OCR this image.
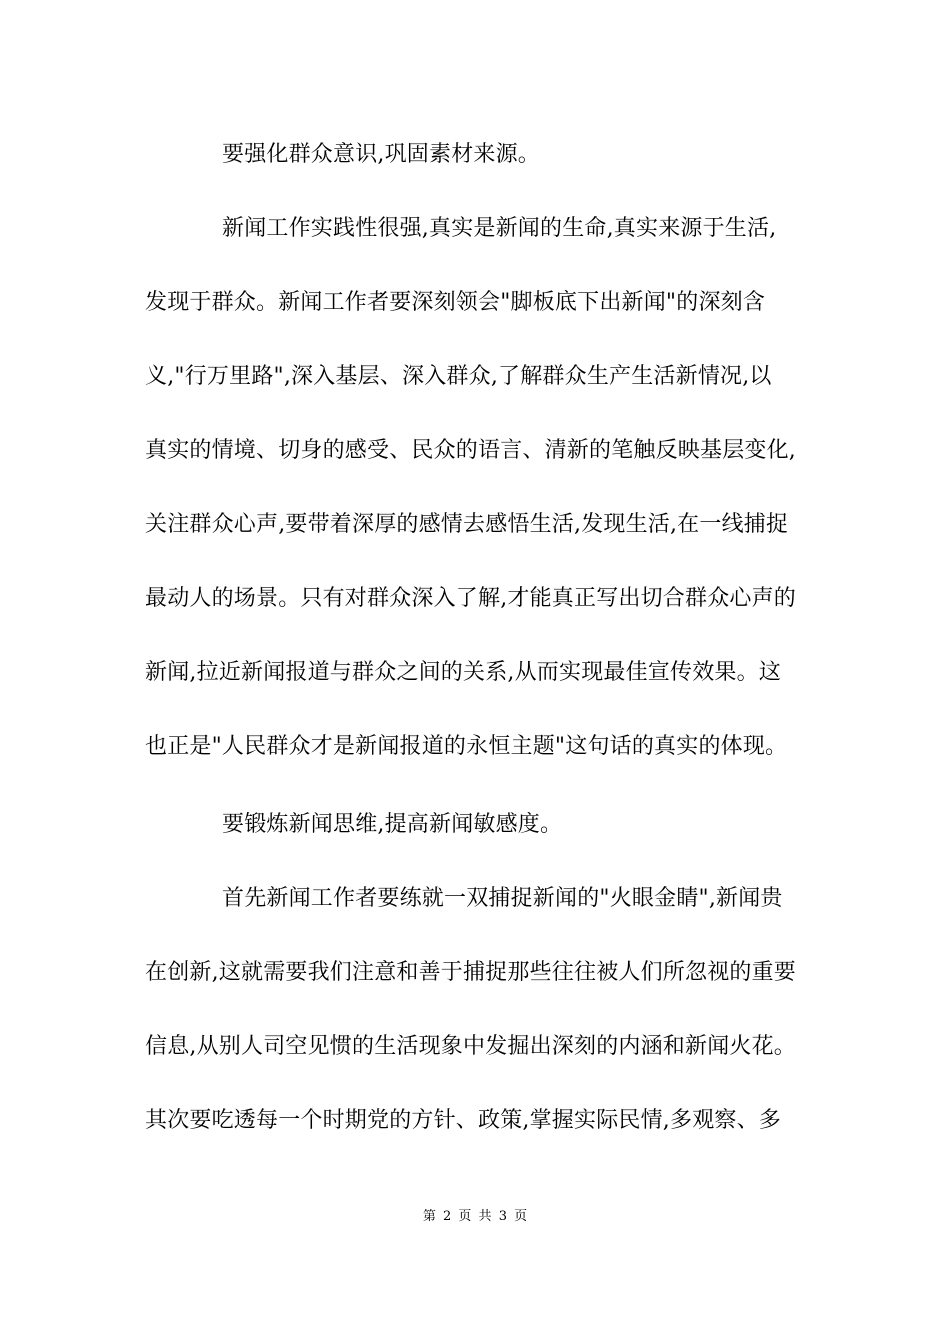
要强化群众意识,巩固素材来源。
新闻工作实践性很强,真实是新闻的生命,真实来源于生活,
发现于群众。新闻工作者要深刻领会"脚板底下出新闻"的深刻含
义,"行万里路",深入基层、深入群众,了解群众生产生活新情况,以
真实的情境、切身的感受、民众的语言、清新的笔触反映基层变化,
关注群众心声,要带着深厚的感情去感悟生活,发现生活,在一线捕捉
最动人的场景。只有对群众深入了解,才能真正写出切合群众心声的
新闻,拉近新闻报道与群众之间的关系,从而实现最佳宣传效果。这
也正是"人民群众才是新闻报道的永恒主题"这句话的真实的体现。
要锻炼新闻思维,提高新闻敏感度。
首先新闻工作者要练就一双捕捉新闻的"火眼金睛",新闻贵
在创新,这就需要我们注意和善于捕捉那些往往被人们所忽视的重要
信息,从别人司空见惯的生活现象中发掘出深刻的内涵和新闻火花。
其次要吃透每一个时期党的方针、政策,掌握实际民情,多观察、多
第 2 页 共 3 页
